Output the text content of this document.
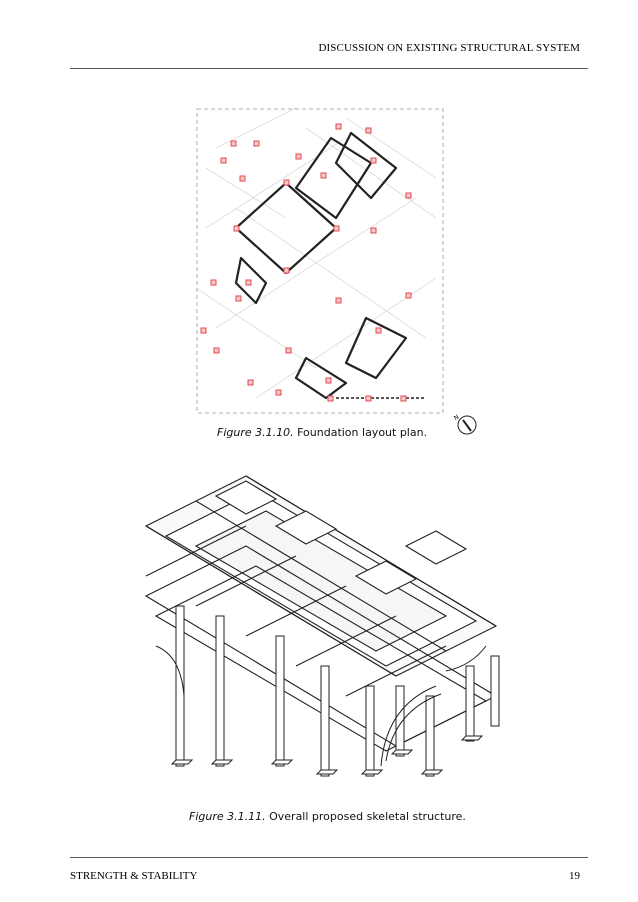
DISCUSSION ON EXISTING STRUCTURAL SYSTEM
N
Figure 3.1.10. Foundation layout plan.
Figure 3.1.11. Overall proposed skeletal structure.
STRENGTH & STABILITY	19
